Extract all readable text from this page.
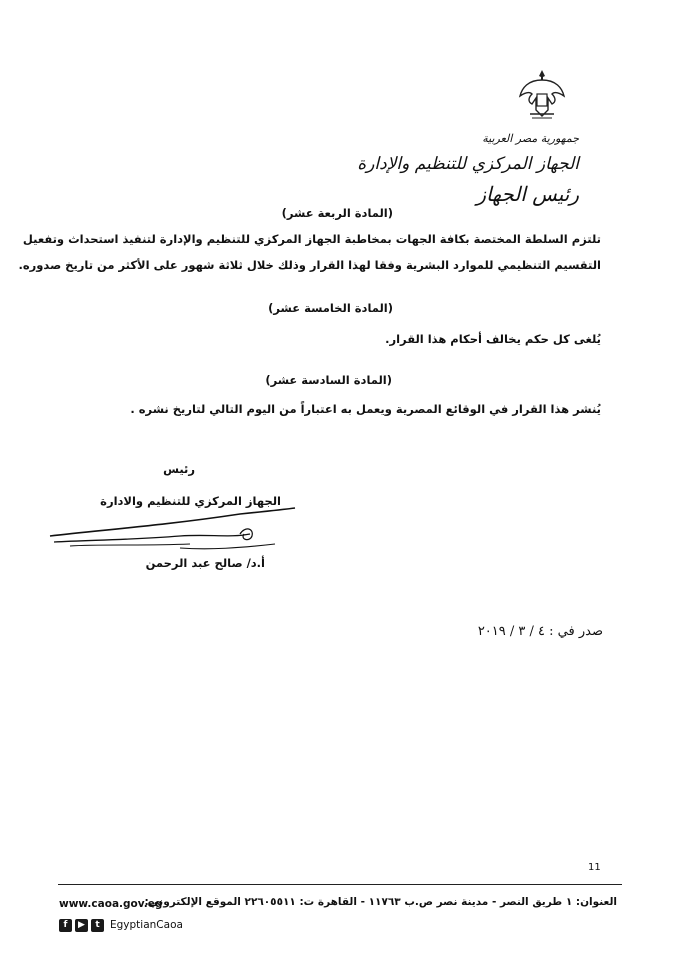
جمهورية مصر العربية
الجهاز المركزي للتنظيم والإدارة
رئيس الجهاز
(المادة الربعة عشر)
تلتزم السلطة المختصة بكافة الجهات بمخاطبة الجهاز المركزي للتنظيم والإدارة لتنفيذ استحداث وتفعيل
التقسيم التنظيمي للموارد البشرية وفقا لهذا القرار وذلك خلال ثلاثة شهور على الأكثر من تاريخ صدوره.
(المادة الخامسة عشر)
يُلغى كل حكم يخالف أحكام هذا القرار.
(المادة السادسة عشر)
يُنشر هذا القرار في الوقائع المصرية ويعمل به اعتباراً من اليوم التالي لتاريخ نشره .
رئيس
الجهاز المركزي للتنظيم والادارة
أ.د/ صالح عبد الرحمن
صدر في : ٤ / ٣ / ٢٠١٩
11
العنوان: ١ طريق النصر - مدينة نصر ص.ب ١١٧٦٣ - القاهرة ت: ٢٢٦٠٥٥١١ الموقع الإلكتروني:
www.caoa.gov.eg
f	▶	t EgyptianCaoa
